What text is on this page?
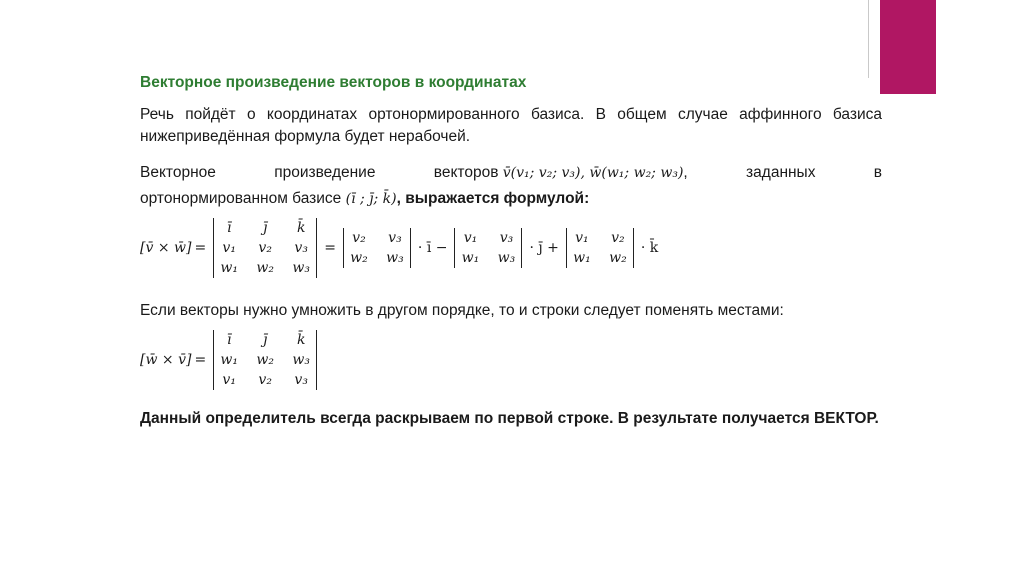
Векторное произведение векторов в координатах

Речь пойдёт о координатах ортонормированного базиса. В общем случае аффинного базиса нижеприведённая формула будет нерабочей.

Векторное	произведение	векторов v̄(v₁; v₂; v₃), w̄(w₁; w₂; w₃),	заданных	в
ортонормированном базисе (ī ; j̄; k̄), выражается формулой:
[v̄ × w̄] =
ī	j̄	k̄
v₁ v₂ v₃
w₁ w₂ w₃
=
v₂ v₃
w₂ w₃
· ī −
v₁ v₃
w₁ w₃
· j̄ +
v₁ v₂
w₁ w₂
· k̄

Если векторы нужно умножить в другом порядке, то и строки следует поменять местами:

[w̄ × v̄] =
ī	j̄	k̄
w₁ w₂ w₃
v₁ v₂ v₃

Данный определитель всегда раскрываем по первой строке. В результате получается ВЕКТОР.
